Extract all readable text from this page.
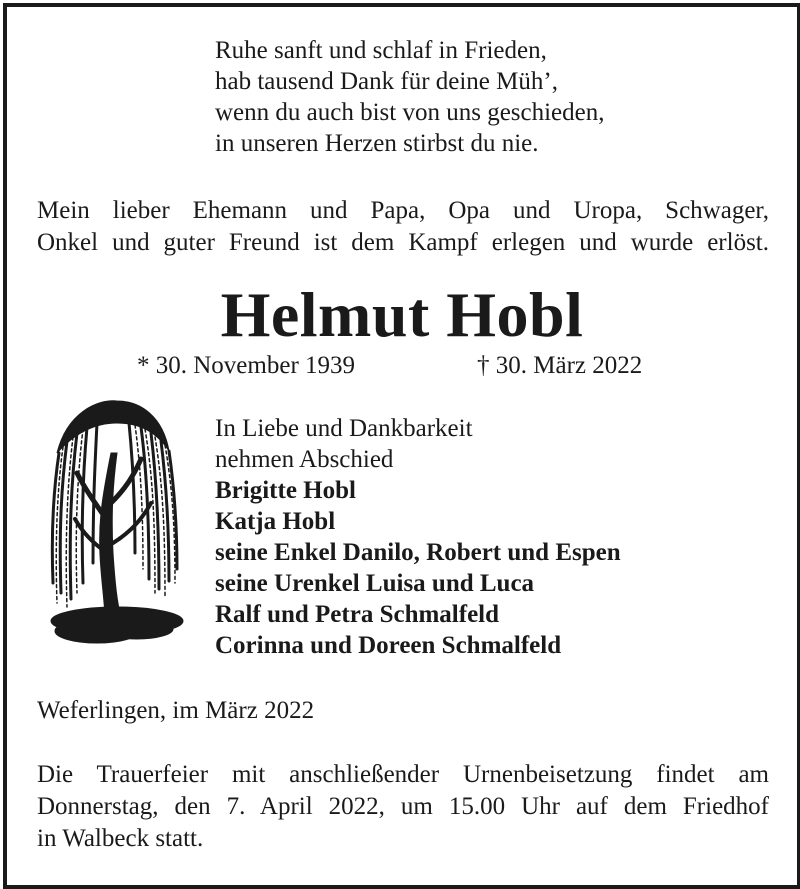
Ruhe sanft und schlaf in Frieden,
hab tausend Dank für deine Müh’,
wenn du auch bist von uns geschieden,
in unseren Herzen stirbst du nie.
Mein lieber Ehemann und Papa, Opa und Uropa, Schwager,
Onkel und guter Freund ist dem Kampf erlegen und wurde erlöst.
Helmut Hobl
* 30. November 1939	† 30. März 2022
In Liebe und Dankbarkeit
nehmen Abschied
Brigitte Hobl
Katja Hobl
seine Enkel Danilo, Robert und Espen
seine Urenkel Luisa und Luca
Ralf und Petra Schmalfeld
Corinna und Doreen Schmalfeld
Weferlingen, im März 2022
Die Trauerfeier mit anschließender Urnenbeisetzung findet am
Donnerstag, den 7. April 2022, um 15.00 Uhr auf dem Friedhof
in Walbeck statt.
